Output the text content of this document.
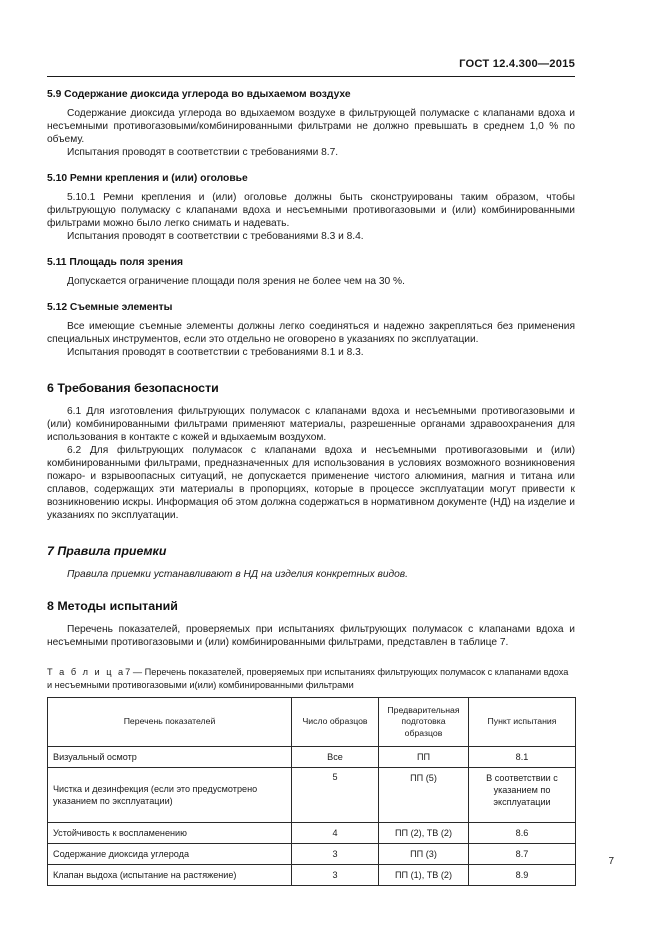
ГОСТ 12.4.300—2015
5.9 Содержание диоксида углерода во вдыхаемом воздухе

Содержание диоксида углерода во вдыхаемом воздухе в фильтрующей полумаске с клапанами вдоха и несъемными противогазовыми/комбинированными фильтрами не должно превышать в среднем 1,0 % по объему.

Испытания проводят в соответствии с требованиями 8.7.

5.10 Ремни крепления и (или) оголовье

5.10.1 Ремни крепления и (или) оголовье должны быть сконструированы таким образом, чтобы фильтрующую полумаску с клапанами вдоха и несъемными противогазовыми и (или) комбинированными фильтрами можно было легко снимать и надевать.

Испытания проводят в соответствии с требованиями 8.3 и 8.4.

5.11 Площадь поля зрения

Допускается ограничение площади поля зрения не более чем на 30 %.

5.12 Съемные элементы

Все имеющие съемные элементы должны легко соединяться и надежно закрепляться без применения специальных инструментов, если это отдельно не оговорено в указаниях по эксплуатации.

Испытания проводят в соответствии с требованиями 8.1 и 8.3.

6 Требования безопасности

6.1 Для изготовления фильтрующих полумасок с клапанами вдоха и несъемными противогазовыми и (или) комбинированными фильтрами применяют материалы, разрешенные органами здравоохранения для использования в контакте с кожей и вдыхаемым воздухом.

6.2 Для фильтрующих полумасок с клапанами вдоха и несъемными противогазовыми и (или) комбинированными фильтрами, предназначенных для использования в условиях возможного возникновения пожаро- и взрывоопасных ситуаций, не допускается применение чистого алюминия, магния и титана или сплавов, содержащих эти материалы в пропорциях, которые в процессе эксплуатации могут привести к возникновению искры. Информация об этом должна содержаться в нормативном документе (НД) на изделие и указаниях по эксплуатации.

7 Правила приемки

Правила приемки устанавливают в НД на изделия конкретных видов.

8 Методы испытаний

Перечень показателей, проверяемых при испытаниях фильтрующих полумасок с клапанами вдоха и несъемными противогазовыми и (или) комбинированными фильтрами, представлен в таблице 7.

Т а б л и ц а7 — Перечень показателей, проверяемых при испытаниях фильтрующих полумасок с клапанами вдоха и несъемными противогазовыми и(или) комбинированными фильтрами

Перечень показателей	Число образцов	Предварительная подготовка образцов	Пункт испытания
Визуальный осмотр	Все	ПП	8.1
Чистка и дезинфекция (если это предусмотрено указанием по эксплуатации)	5	ПП (5)	В соответствии с указанием по эксплуатации
Устойчивость к воспламенению	4	ПП (2), ТВ (2)	8.6
Содержание диоксида углерода	3	ПП (3)	8.7
Клапан выдоха (испытание на растяжение)	3	ПП (1), ТВ (2)	8.9
7
